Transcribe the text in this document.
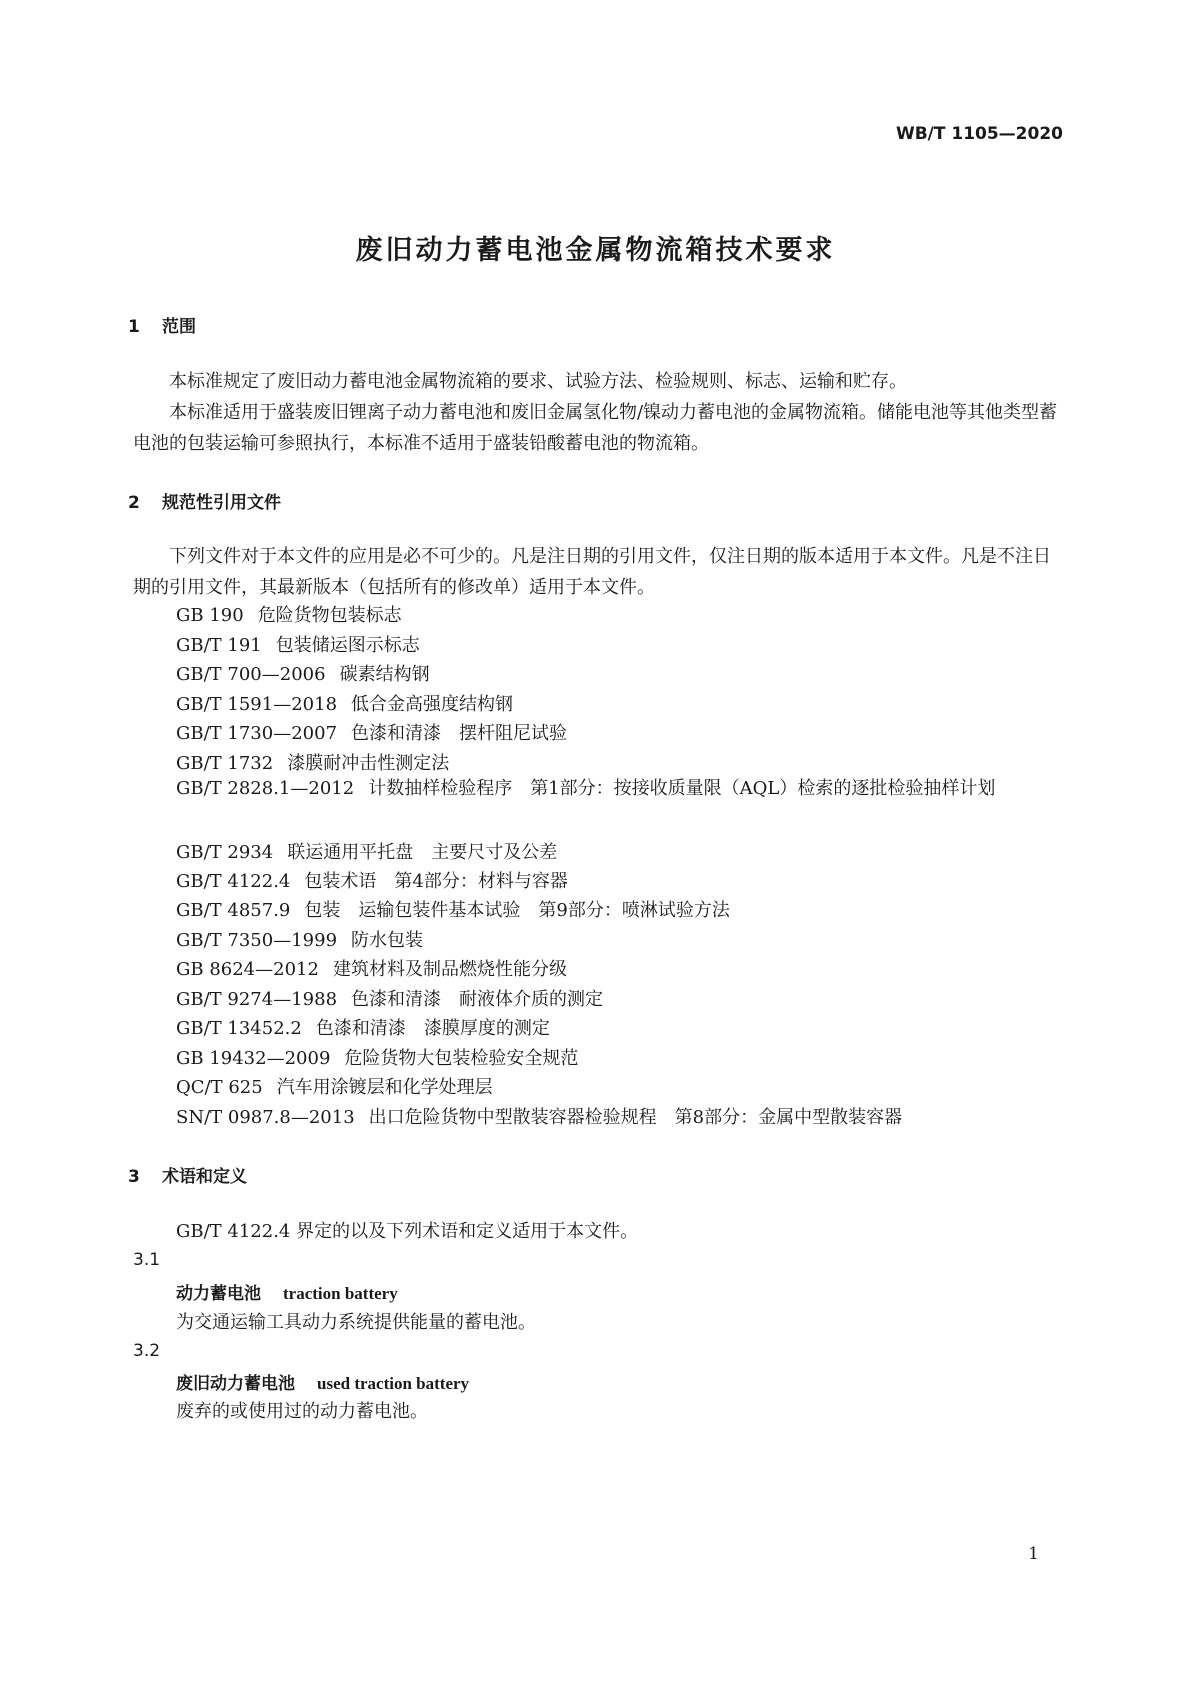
WB/T 1105—2020
废旧动力蓄电池金属物流箱技术要求
1 范围
本标准规定了废旧动力蓄电池金属物流箱的要求、试验方法、检验规则、标志、运输和贮存。
本标准适用于盛装废旧锂离子动力蓄电池和废旧金属氢化物/镍动力蓄电池的金属物流箱。储能电池等其他类型蓄电池的包装运输可参照执行，本标准不适用于盛装铅酸蓄电池的物流箱。
2 规范性引用文件
下列文件对于本文件的应用是必不可少的。凡是注日期的引用文件，仅注日期的版本适用于本文件。凡是不注日期的引用文件，其最新版本（包括所有的修改单）适用于本文件。
GB 190 危险货物包装标志
GB/T 191 包装储运图示标志
GB/T 700—2006 碳素结构钢
GB/T 1591—2018 低合金高强度结构钢
GB/T 1730—2007 色漆和清漆　摆杆阻尼试验
GB/T 1732 漆膜耐冲击性测定法
GB/T 2828.1—2012 计数抽样检验程序　第1部分：按接收质量限（AQL）检索的逐批检验抽样计划
GB/T 2934 联运通用平托盘　主要尺寸及公差
GB/T 4122.4 包装术语　第4部分：材料与容器
GB/T 4857.9 包装　运输包装件基本试验　第9部分：喷淋试验方法
GB/T 7350—1999 防水包装
GB 8624—2012 建筑材料及制品燃烧性能分级
GB/T 9274—1988 色漆和清漆　耐液体介质的测定
GB/T 13452.2 色漆和清漆　漆膜厚度的测定
GB 19432—2009 危险货物大包装检验安全规范
QC/T 625 汽车用涂镀层和化学处理层
SN/T 0987.8—2013 出口危险货物中型散装容器检验规程　第8部分：金属中型散装容器
3 术语和定义
GB/T 4122.4 界定的以及下列术语和定义适用于本文件。
3.1
动力蓄电池 traction battery
为交通运输工具动力系统提供能量的蓄电池。
3.2
废旧动力蓄电池 used traction battery
废弃的或使用过的动力蓄电池。
1
